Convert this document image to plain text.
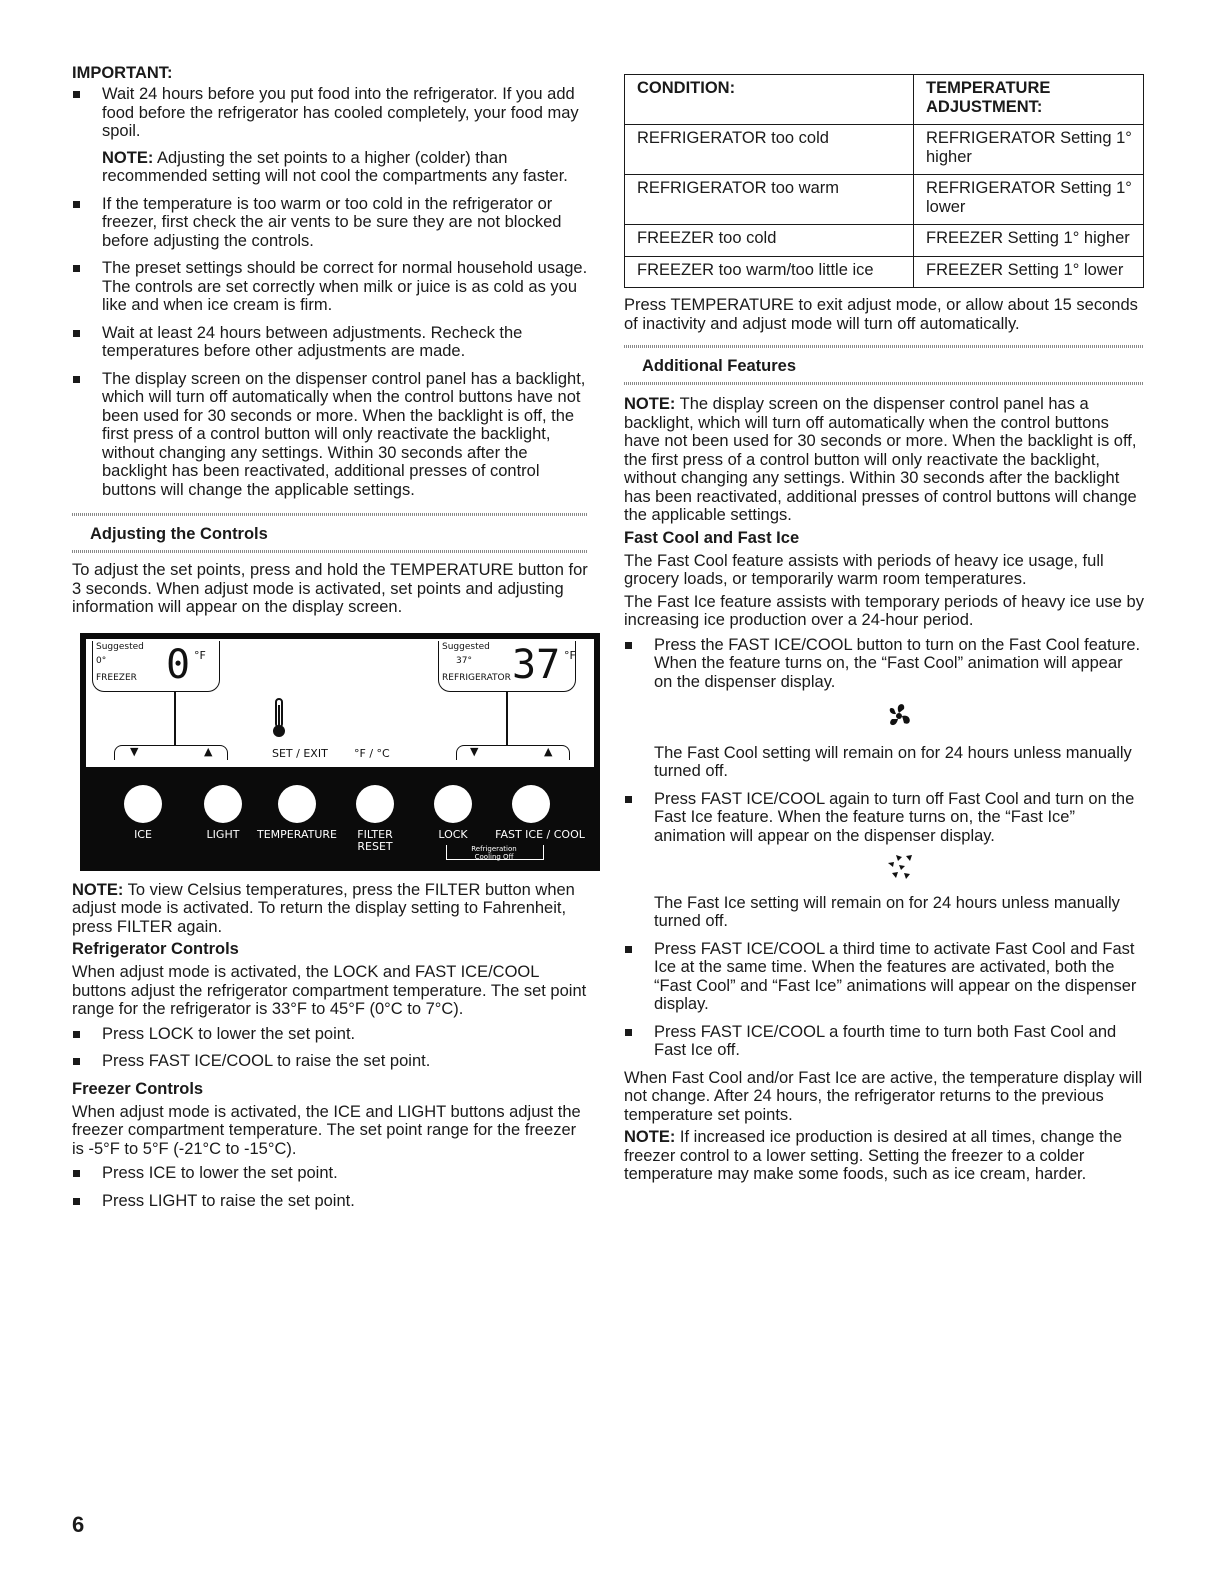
IMPORTANT:
Wait 24 hours before you put food into the refrigerator. If you add food before the refrigerator has cooled completely, your food may spoil.

NOTE: Adjusting the set points to a higher (colder) than recommended setting will not cool the compartments any faster.

If the temperature is too warm or too cold in the refrigerator or freezer, first check the air vents to be sure they are not blocked before adjusting the controls.
The preset settings should be correct for normal household usage. The controls are set correctly when milk or juice is as cold as you like and when ice cream is firm.
Wait at least 24 hours between adjustments. Recheck the temperatures before other adjustments are made.
The display screen on the dispenser control panel has a backlight, which will turn off automatically when the control buttons have not been used for 30 seconds or more. When the backlight is off, the first press of a control button will only reactivate the backlight, without changing any settings. Within 30 seconds after the backlight has been reactivated, additional presses of control buttons will change the applicable settings.
Adjusting the Controls

To adjust the set points, press and hold the TEMPERATURE button for 3 seconds. When adjust mode is activated, set points and adjusting information will appear on the display screen.

Suggested
0°
FREEZER 0 °F
Suggested
37°
REFRIGERATOR 37 °F
▼	▲	▼	▲
SET / EXIT °F / °C
ICE	LIGHT	TEMPERATURE	FILTER RESET
LOCK	FAST ICE / COOL
Refrigeration Cooling Off

NOTE: To view Celsius temperatures, press the FILTER button when adjust mode is activated. To return the display setting to Fahrenheit, press FILTER again.

Refrigerator Controls

When adjust mode is activated, the LOCK and FAST ICE/COOL buttons adjust the refrigerator compartment temperature. The set point range for the refrigerator is 33°F to 45°F (0°C to 7°C).

Press LOCK to lower the set point.
Press FAST ICE/COOL to raise the set point.
Freezer Controls

When adjust mode is activated, the ICE and LIGHT buttons adjust the freezer compartment temperature. The set point range for the freezer is -5°F to 5°F (-21°C to -15°C).

Press ICE to lower the set point.
Press LIGHT to raise the set point.
CONDITION:	TEMPERATURE ADJUSTMENT:
REFRIGERATOR too cold	REFRIGERATOR Setting 1° higher
REFRIGERATOR too warm	REFRIGERATOR Setting 1° lower
FREEZER too cold	FREEZER Setting 1° higher
FREEZER too warm/too little ice	FREEZER Setting 1° lower

Press TEMPERATURE to exit adjust mode, or allow about 15 seconds of inactivity and adjust mode will turn off automatically.

Additional Features

NOTE: The display screen on the dispenser control panel has a backlight, which will turn off automatically when the control buttons have not been used for 30 seconds or more. When the backlight is off, the first press of a control button will only reactivate the backlight, without changing any settings. Within 30 seconds after the backlight has been reactivated, additional presses of control buttons will change the applicable settings.

Fast Cool and Fast Ice

The Fast Cool feature assists with periods of heavy ice usage, full grocery loads, or temporarily warm room temperatures.

The Fast Ice feature assists with temporary periods of heavy ice use by increasing ice production over a 24-hour period.

Press the FAST ICE/COOL button to turn on the Fast Cool feature. When the feature turns on, the “Fast Cool” animation will appear on the dispenser display.

The Fast Cool setting will remain on for 24 hours unless manually turned off.

Press FAST ICE/COOL again to turn off Fast Cool and turn on the Fast Ice feature. When the feature turns on, the “Fast Ice” animation will appear on the dispenser display.

The Fast Ice setting will remain on for 24 hours unless manually turned off.

Press FAST ICE/COOL a third time to activate Fast Cool and Fast Ice at the same time. When the features are activated, both the “Fast Cool” and “Fast Ice” animations will appear on the dispenser display.
Press FAST ICE/COOL a fourth time to turn both Fast Cool and Fast Ice off.

When Fast Cool and/or Fast Ice are active, the temperature display will not change. After 24 hours, the refrigerator returns to the previous temperature set points.

NOTE: If increased ice production is desired at all times, change the freezer control to a lower setting. Setting the freezer to a colder temperature may make some foods, such as ice cream, harder.

6
